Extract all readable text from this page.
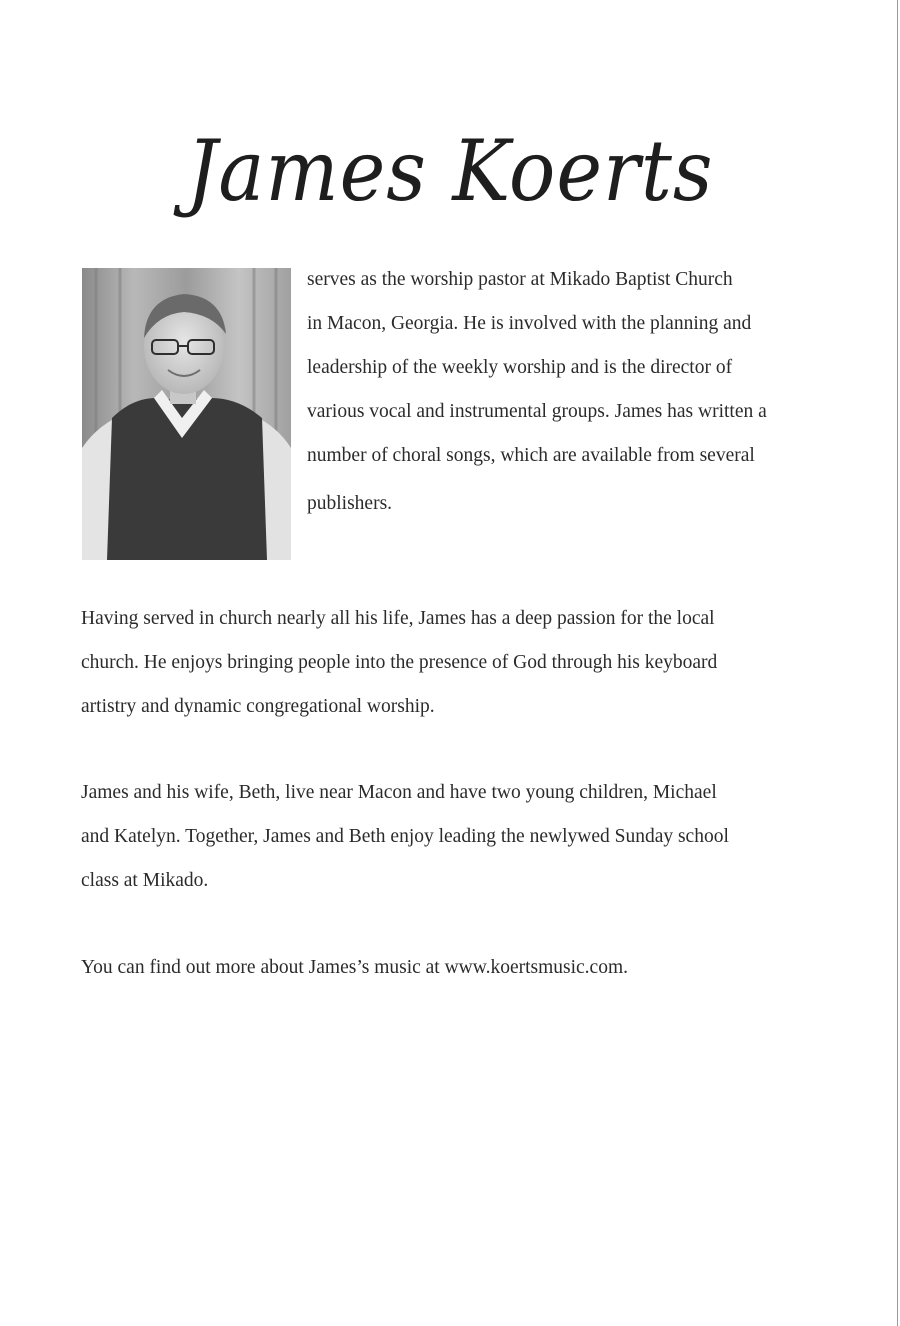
James Koerts
serves as the worship pastor at Mikado Baptist Church
in Macon, Georgia. He is involved with the planning and
leadership of the weekly worship and is the director of
various vocal and instrumental groups. James has written a
number of choral songs, which are available from several
publishers.
Having served in church nearly all his life, James has a deep passion for the local
church. He enjoys bringing people into the presence of God through his keyboard
artistry and dynamic congregational worship.
James and his wife, Beth, live near Macon and have two young children, Michael
and Katelyn. Together, James and Beth enjoy leading the newlywed Sunday school
class at Mikado.
You can find out more about James’s music at www.koertsmusic.com.
